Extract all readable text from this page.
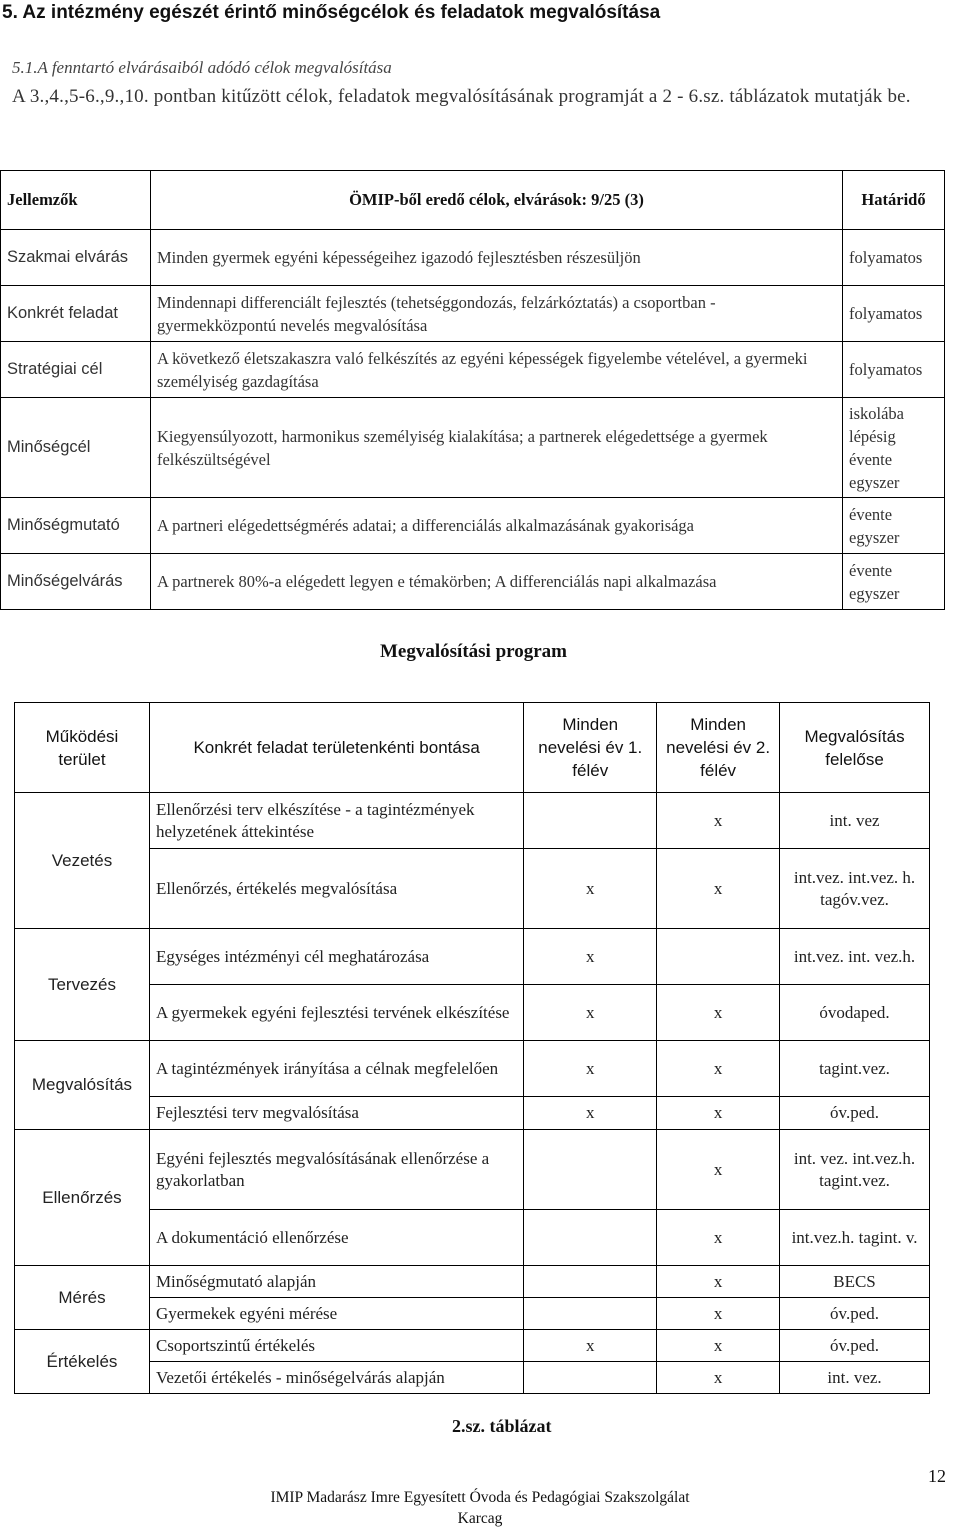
5. Az intézmény egészét érintő minőségcélok és feladatok megvalósítása
5.1.A fenntartó elvárásaiból adódó célok megvalósítása
A 3.,4.,5-6.,9.,10. pontban kitűzött célok, feladatok megvalósításának programját a 2 - 6.sz. táblázatok mutatják be.
Jellemzők	ÖMIP-ből eredő célok, elvárások: 9/25 (3)	Határidő
Szakmai elvárás	Minden gyermek egyéni képességeihez igazodó fejlesztésben részesüljön	folyamatos
Konkrét feladat	Mindennapi differenciált fejlesztés (tehetséggondozás, felzárkóztatás) a csoportban - gyermekközpontú nevelés megvalósítása	folyamatos
Stratégiai cél	A következő életszakaszra való felkészítés az egyéni képességek figyelembe vételével, a gyermeki személyiség gazdagítása	folyamatos
Minőségcél	Kiegyensúlyozott, harmonikus személyiség kialakítása; a partnerek elégedettsége a gyermek felkészültségével	iskolába lépésig évente egyszer
Minőségmutató	A partneri elégedettségmérés adatai; a differenciálás alkalmazásának gyakorisága	évente egyszer
Minőségelvárás	A partnerek 80%-a elégedett legyen e témakörben; A differenciálás napi alkalmazása	évente egyszer
Megvalósítási program
Működési terület	Konkrét feladat területenkénti bontása	Minden nevelési év 1. félév	Minden nevelési év 2. félév	Megvalósítás felelőse
Vezetés	Ellenőrzési terv elkészítése - a tagintézmények helyzetének áttekintése		x	int. vez
	Ellenőrzés, értékelés megvalósítása	x	x	int.vez. int.vez. h. tagóv.vez.
Tervezés	Egységes intézményi cél meghatározása	x		int.vez. int. vez.h.
	A gyermekek egyéni fejlesztési tervének elkészítése	x	x	óvodaped.
Megvalósítás	A tagintézmények irányítása a célnak megfelelően	x	x	tagint.vez.
	Fejlesztési terv megvalósítása	x	x	óv.ped.
Ellenőrzés	Egyéni fejlesztés megvalósításának ellenőrzése a gyakorlatban		x	int. vez. int.vez.h. tagint.vez.
	A dokumentáció ellenőrzése		x	int.vez.h. tagint. v.
Mérés	Minőségmutató alapján		x	BECS
	Gyermekek egyéni mérése		x	óv.ped.
Értékelés	Csoportszintű értékelés	x	x	óv.ped.
	Vezetői értékelés - minőségelvárás alapján		x	int. vez.
2.sz. táblázat
12
IMIP Madarász Imre Egyesített Óvoda és Pedagógiai Szakszolgálat
Karcag
